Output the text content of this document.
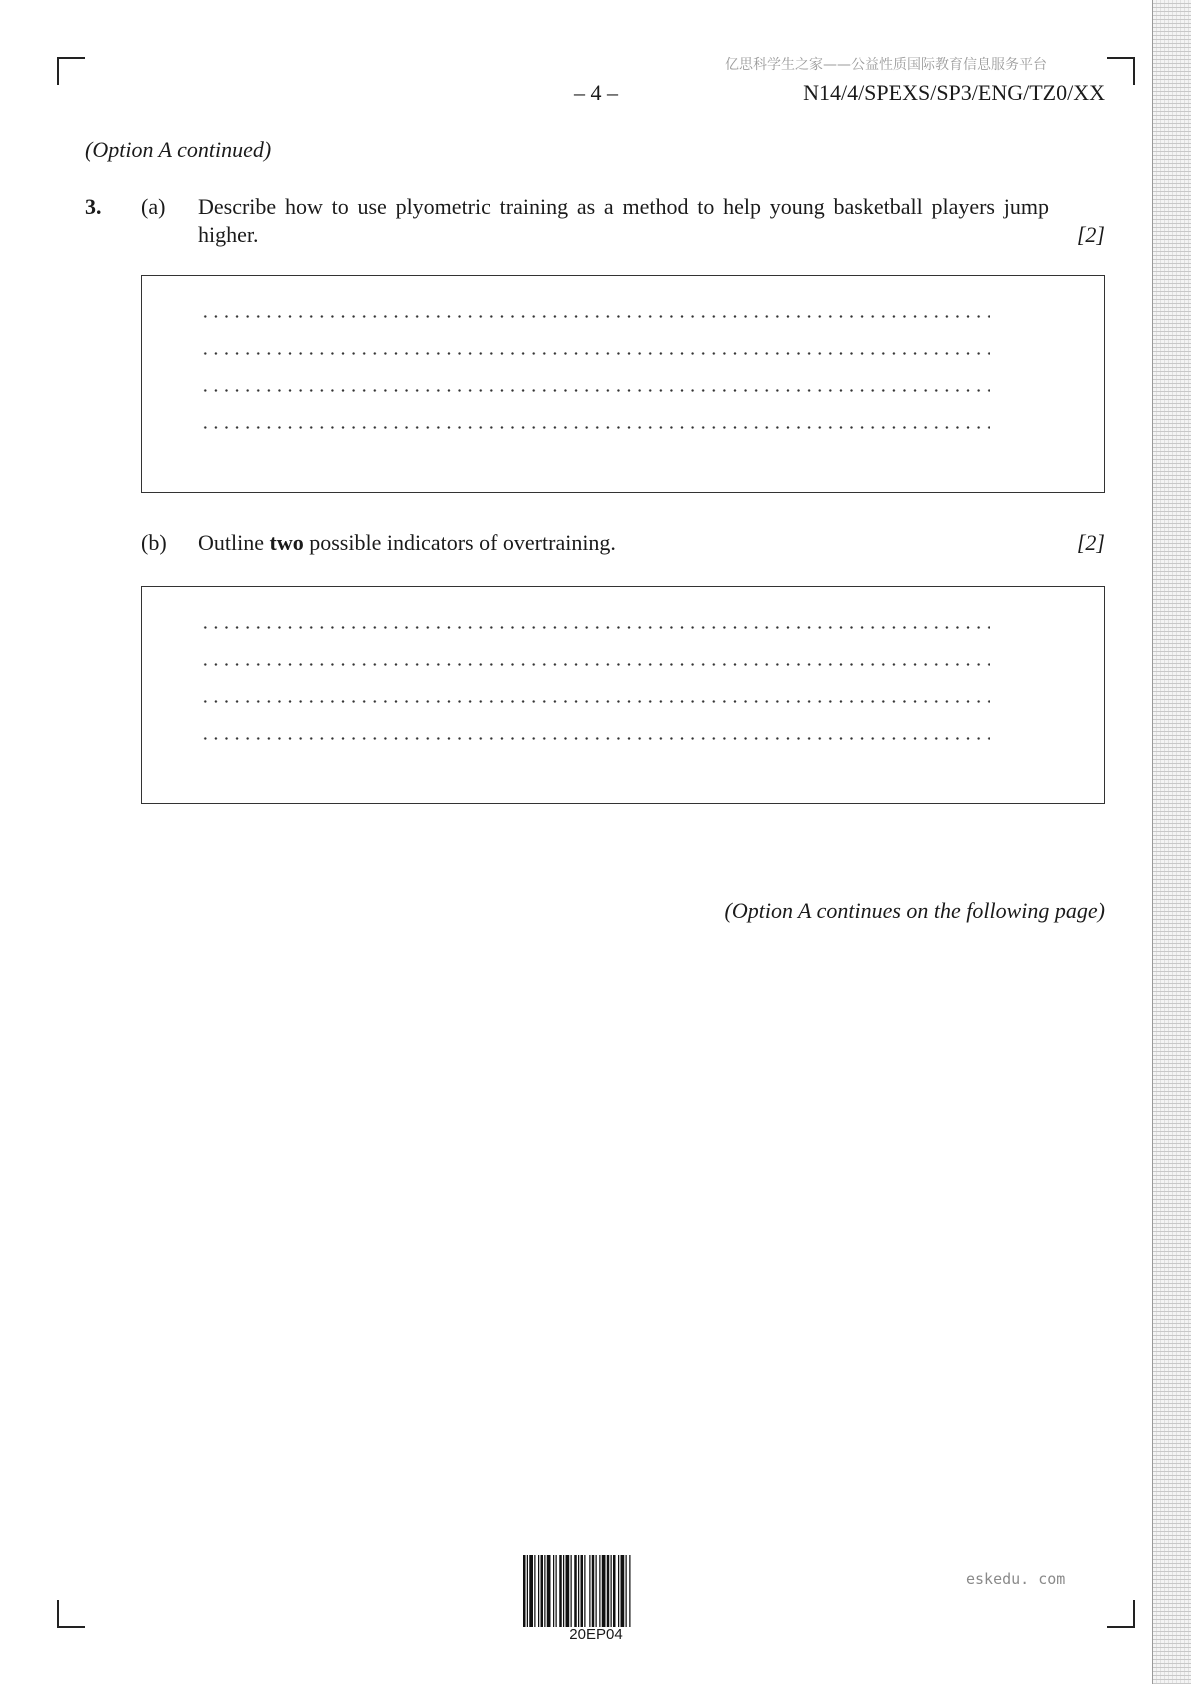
亿思科学生之家——公益性质国际教育信息服务平台
– 4 –	N14/4/SPEXS/SP3/ENG/TZ0/XX
(Option A continued)
3. (a) Describe how to use plyometric training as a method to help young basketball players jump higher.	[2]
(b) Outline two possible indicators of overtraining.	[2]
(Option A continues on the following page)
20EP04
eskedu. com
